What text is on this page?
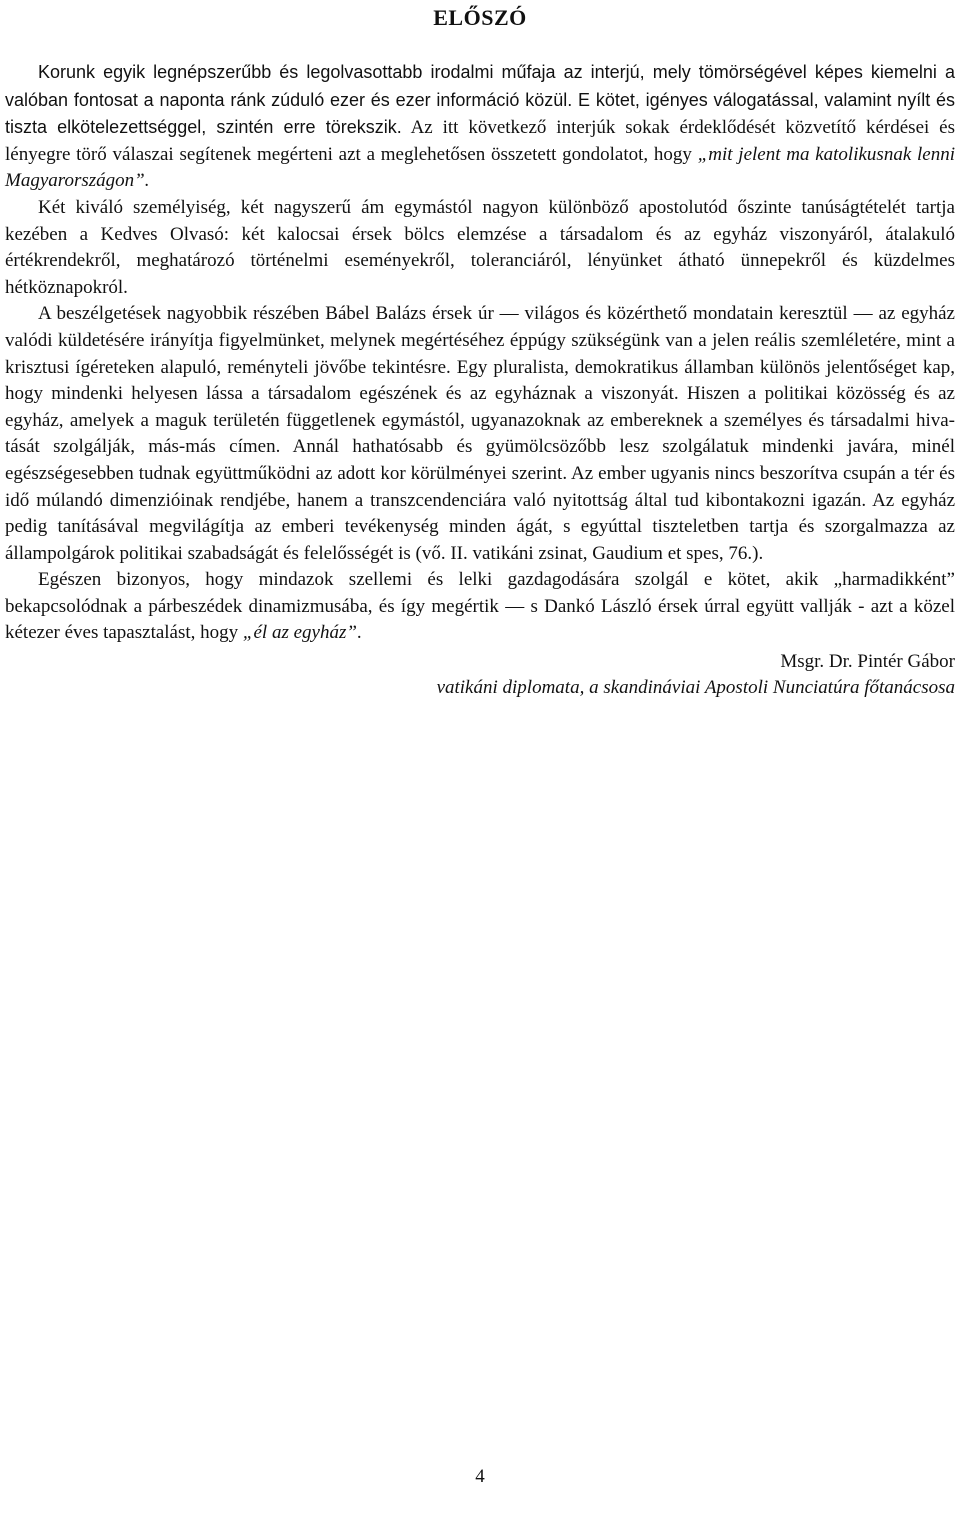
ELŐSZÓ

Korunk egyik legnépszerűbb és legolvasottabb irodalmi műfaja az interjú, mely tömörségével képes kiemelni a valóban fontosat a naponta ránk zúduló ezer és ezer információ közül. E kötet, igényes válogatással, valamint nyílt és tiszta elkötelezettséggel, szintén erre törekszik. Az itt következő interjúk sokak érdeklődését közvetítő kérdései és lényegre törő válaszai segítenek megérteni azt a meglehetősen összetett gondolatot, hogy „mit jelent ma katolikusnak lenni Magyarországon”.

Két kiváló személyiség, két nagyszerű ám egymástól nagyon különböző apostolutód őszinte tanúságtételét tartja kezében a Kedves Olvasó: két kalocsai érsek bölcs elemzése a társadalom és az egyház viszonyáról, átalakuló értékrendekről, meghatározó történelmi eseményekről, toleranciáról, lényünket átható ünnepekről és küzdelmes hétköznapokról.

A beszélgetések nagyobbik részében Bábel Balázs érsek úr ― világos és közérthető mondatain keresztül ― az egyház valódi küldetésére irányítja figyelmünket, melynek megértéséhez éppúgy szükségünk van a jelen reális szemléletére, mint a krisztusi ígéreteken alapuló, reményteli jövőbe tekintésre. Egy pluralista, demokratikus államban különös jelentőséget kap, hogy mindenki helyesen lássa a társadalom egészének és az egyháznak a viszonyát. Hiszen a politikai közösség és az egyház, amelyek a maguk területén függetlenek egymástól, ugyanazoknak az embereknek a személyes és társadalmi hivatását szolgálják, más-más címen. Annál hathatósabb és gyümölcsözőbb lesz szolgálatuk mindenki javára, minél egészségesebben tudnak együttműködni az adott kor körülményei szerint. Az ember ugyanis nincs beszorítva csupán a tér és idő múlandó dimenzióinak rendjébe, hanem a transzcendenciára való nyitottság által tud kibontakozni igazán. Az egyház pedig tanításával megvilágítja az emberi tevékenység minden ágát, s egyúttal tiszteletben tartja és szorgalmazza az állampolgárok politikai szabadságát és felelősségét is (vő. II. vatikáni zsinat, Gaudium et spes, 76.).

Egészen bizonyos, hogy mindazok szellemi és lelki gazdagodására szolgál e kötet, akik „harmadikként” bekapcsolódnak a párbeszédek dinamizmusába, és így megértik ― s Dankó László érsek úrral együtt vallják - azt a közel kétezer éves tapasztalást, hogy „él az egyház”.

Msgr. Dr. Pintér Gábor
vatikáni diplomata, a skandináviai Apostoli Nunciatúra főtanácsosa
4
